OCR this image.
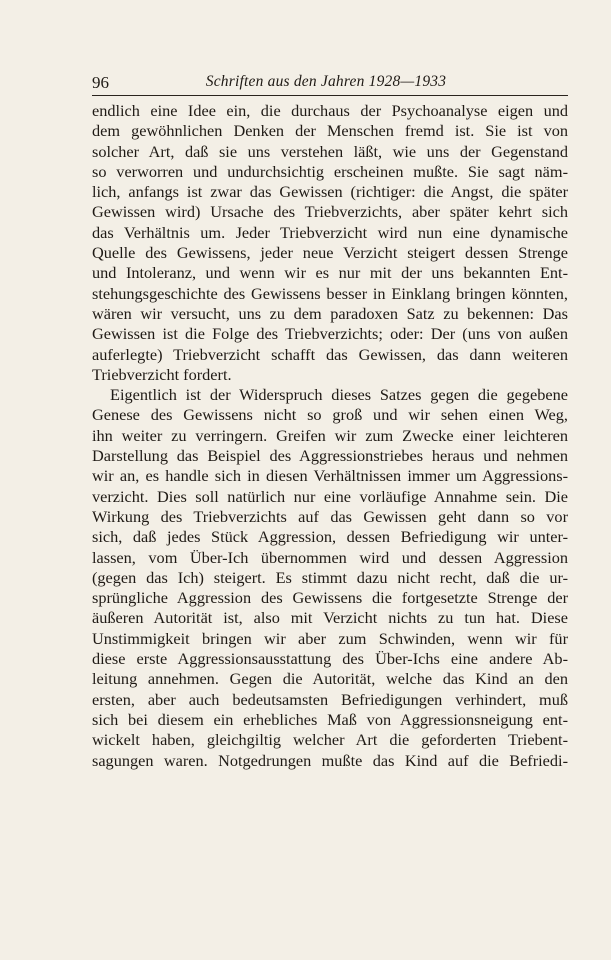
96	Schriften aus den Jahren 1928—1933
endlich eine Idee ein, die durchaus der Psychoanalyse eigen und
dem gewöhnlichen Denken der Menschen fremd ist. Sie ist von
solcher Art, daß sie uns verstehen läßt, wie uns der Gegenstand
so verworren und undurchsichtig erscheinen mußte. Sie sagt näm-
lich, anfangs ist zwar das Gewissen (richtiger: die Angst, die später
Gewissen wird) Ursache des Triebverzichts, aber später kehrt sich
das Verhältnis um. Jeder Triebverzicht wird nun eine dynamische
Quelle des Gewissens, jeder neue Verzicht steigert dessen Strenge
und Intoleranz, und wenn wir es nur mit der uns bekannten Ent-
stehungsgeschichte des Gewissens besser in Einklang bringen könnten,
wären wir versucht, uns zu dem paradoxen Satz zu bekennen: Das
Gewissen ist die Folge des Triebverzichts; oder: Der (uns von außen
auferlegte) Triebverzicht schafft das Gewissen, das dann weiteren
Triebverzicht fordert.
Eigentlich ist der Widerspruch dieses Satzes gegen die gegebene
Genese des Gewissens nicht so groß und wir sehen einen Weg,
ihn weiter zu verringern. Greifen wir zum Zwecke einer leichteren
Darstellung das Beispiel des Aggressionstriebes heraus und nehmen
wir an, es handle sich in diesen Verhältnissen immer um Aggressions-
verzicht. Dies soll natürlich nur eine vorläufige Annahme sein. Die
Wirkung des Triebverzichts auf das Gewissen geht dann so vor
sich, daß jedes Stück Aggression, dessen Befriedigung wir unter-
lassen, vom Über-Ich übernommen wird und dessen Aggression
(gegen das Ich) steigert. Es stimmt dazu nicht recht, daß die ur-
sprüngliche Aggression des Gewissens die fortgesetzte Strenge der
äußeren Autorität ist, also mit Verzicht nichts zu tun hat. Diese
Unstimmigkeit bringen wir aber zum Schwinden, wenn wir für
diese erste Aggressionsausstattung des Über-Ichs eine andere Ab-
leitung annehmen. Gegen die Autorität, welche das Kind an den
ersten, aber auch bedeutsamsten Befriedigungen verhindert, muß
sich bei diesem ein erhebliches Maß von Aggressionsneigung ent-
wickelt haben, gleichgiltig welcher Art die geforderten Triebent-
sagungen waren. Notgedrungen mußte das Kind auf die Befriedi-
